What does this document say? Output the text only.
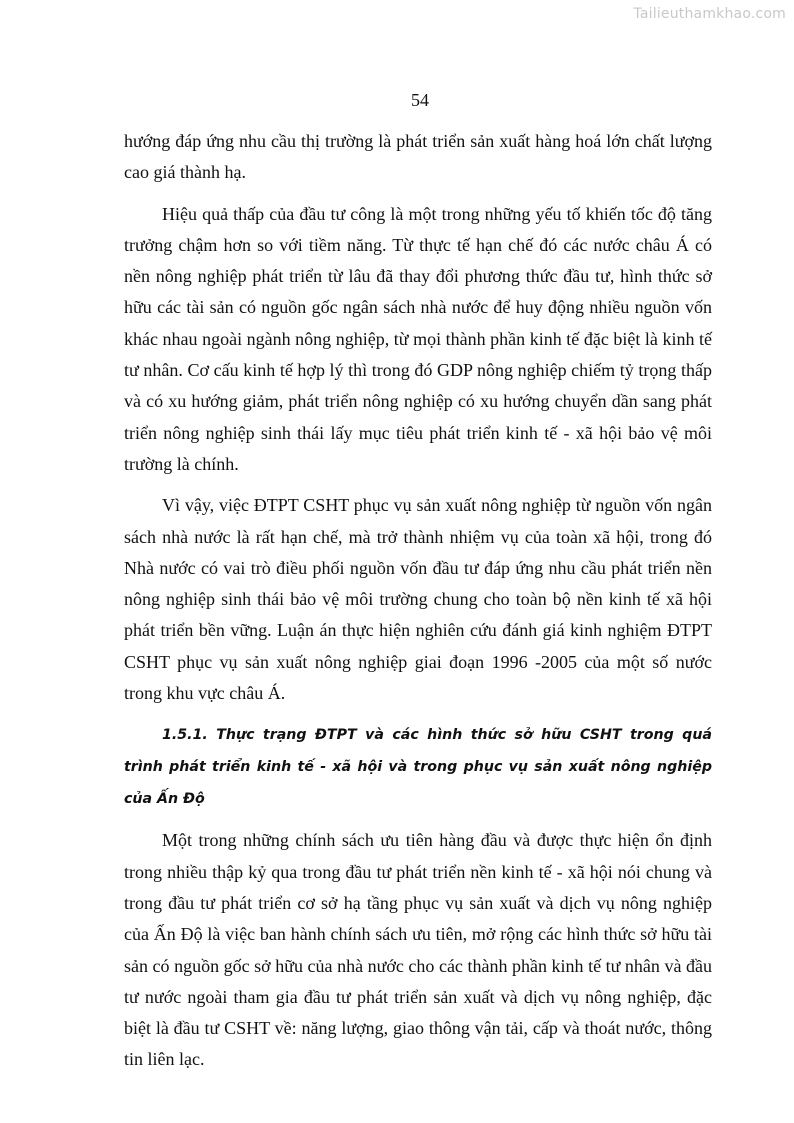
Tailieuthamkhao.com
54

hướng đáp ứng nhu cầu thị trường là phát triển sản xuất hàng hoá lớn chất lượng cao giá thành hạ.

Hiệu quả thấp của đầu tư công là một trong những yếu tố khiến tốc độ tăng trưởng chậm hơn so với tiềm năng. Từ thực tế hạn chế đó các nước châu Á có nền nông nghiệp phát triển từ lâu đã thay đổi phương thức đầu tư, hình thức sở hữu các tài sản có nguồn gốc ngân sách nhà nước để huy động nhiều nguồn vốn khác nhau ngoài ngành nông nghiệp, từ mọi thành phần kinh tế đặc biệt là kinh tế tư nhân. Cơ cấu kinh tế hợp lý thì trong đó GDP nông nghiệp chiếm tỷ trọng thấp và có xu hướng giảm, phát triển nông nghiệp có xu hướng chuyển dần sang phát triển nông nghiệp sinh thái lấy mục tiêu phát triển kinh tế - xã hội bảo vệ môi trường là chính.

Vì vậy, việc ĐTPT CSHT phục vụ sản xuất nông nghiệp từ nguồn vốn ngân sách nhà nước là rất hạn chế, mà trở thành nhiệm vụ của toàn xã hội, trong đó Nhà nước có vai trò điều phối nguồn vốn đầu tư đáp ứng nhu cầu phát triển nền nông nghiệp sinh thái bảo vệ môi trường chung cho toàn bộ nền kinh tế xã hội phát triển bền vững. Luận án thực hiện nghiên cứu đánh giá kinh nghiệm ĐTPT CSHT phục vụ sản xuất nông nghiệp giai đoạn 1996 -2005 của một số nước trong khu vực châu Á.

1.5.1. Thực trạng ĐTPT và các hình thức sở hữu CSHT trong quá trình phát triển kinh tế - xã hội và trong phục vụ sản xuất nông nghiệp của Ấn Độ

Một trong những chính sách ưu tiên hàng đầu và được thực hiện ổn định trong nhiều thập kỷ qua trong đầu tư phát triển nền kinh tế - xã hội nói chung và trong đầu tư phát triển cơ sở hạ tầng phục vụ sản xuất và dịch vụ nông nghiệp của Ấn Độ là việc ban hành chính sách ưu tiên, mở rộng các hình thức sở hữu tài sản có nguồn gốc sở hữu của nhà nước cho các thành phần kinh tế tư nhân và đầu tư nước ngoài tham gia đầu tư phát triển sản xuất và dịch vụ nông nghiệp, đặc biệt là đầu tư CSHT về: năng lượng, giao thông vận tải, cấp và thoát nước, thông tin liên lạc.
